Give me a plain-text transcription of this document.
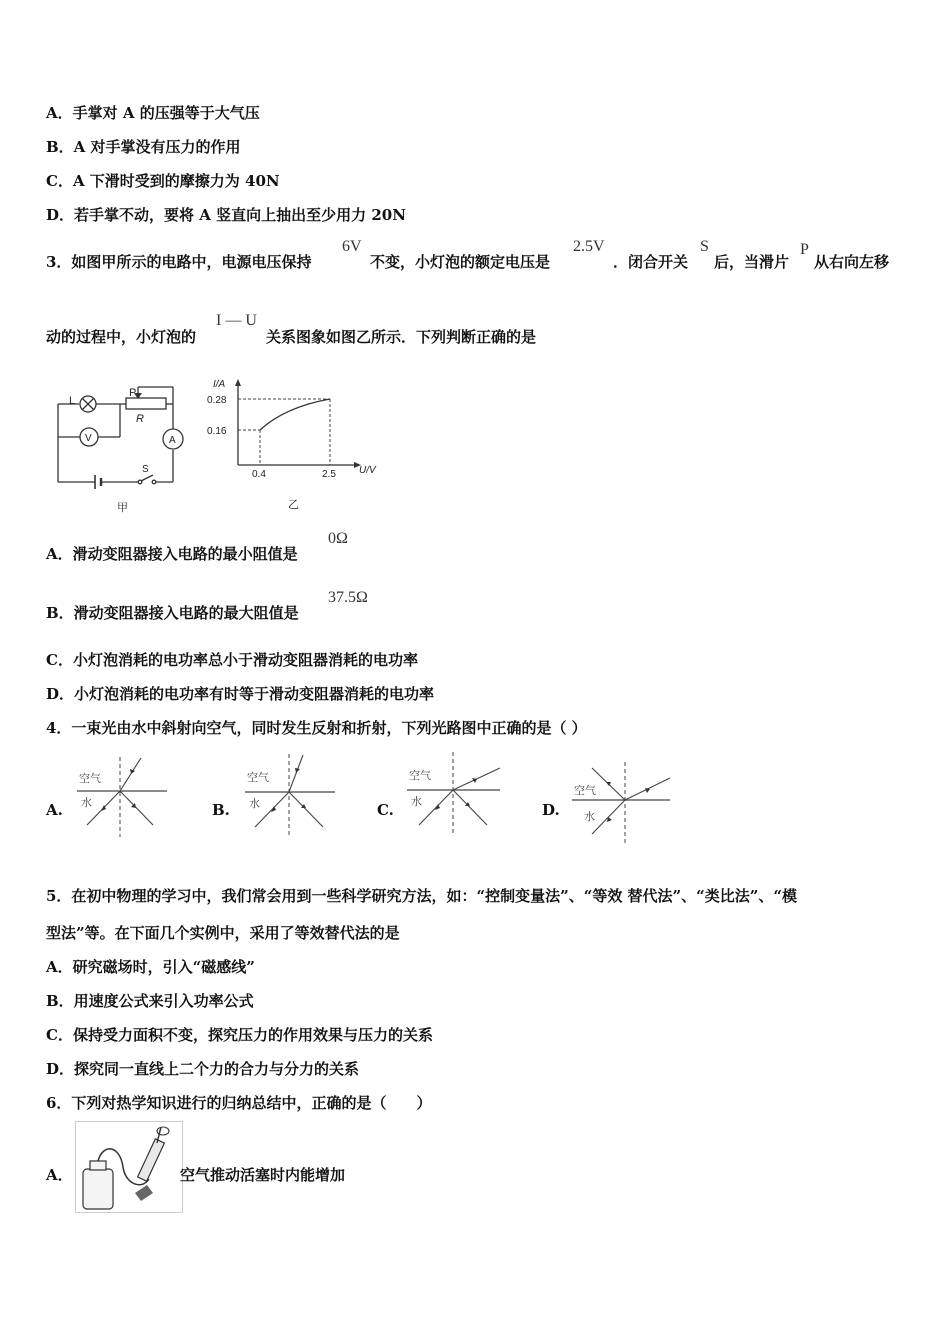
A．手掌对 A 的压强等于大气压
B．A 对手掌没有压力的作用
C．A 下滑时受到的摩擦力为 40N
D．若手掌不动，要将 A 竖直向上抽出至少用力 20N
3．如图甲所示的电路中，电源电压保持
6V
不变，小灯泡的额定电压是
2.5V
．闭合开关
S
后，当滑片
P
从右向左移
动的过程中，小灯泡的
I — U
关系图象如图乙所示．下列判断正确的是
L
P
R
V	A
S
甲
0.4	2.5
0.16
0.28
I/A
U/V
乙
A．滑动变阻器接入电路的最小阻值是
0Ω
B．滑动变阻器接入电路的最大阻值是
37.5Ω
C．小灯泡消耗的电功率总小于滑动变阻器消耗的电功率
D．小灯泡消耗的电功率有时等于滑动变阻器消耗的电功率
4．一束光由水中斜射向空气，同时发生反射和折射，下列光路图中正确的是（ ）
A.
空气
水	B.
空气
水	C.
空气
水	D.
空气
水
5．在初中物理的学习中，我们常会用到一些科学研究方法，如：“控制变量法”、“等效 替代法”、“类比法”、“模
型法”等。在下面几个实例中，采用了等效替代法的是
A．研究磁场时，引入“磁感线”
B．用速度公式来引入功率公式
C．保持受力面积不变，探究压力的作用效果与压力的关系
D．探究同一直线上二个力的合力与分力的关系
6．下列对热学知识进行的归纳总结中，正确的是（　　）
A．	空气推动活塞时内能增加
